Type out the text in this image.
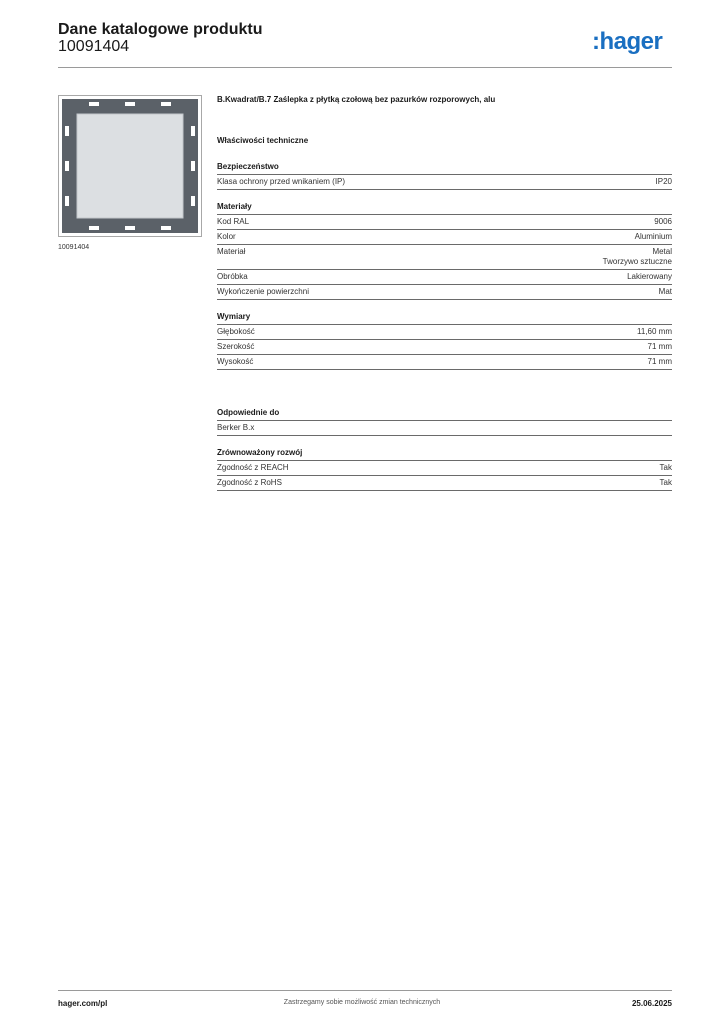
Dane katalogowe produktu
10091404	:hager
10091404
B.Kwadrat/B.7 Zaślepka z płytką czołową bez pazurków rozporowych, alu
Właściwości techniczne
Bezpieczeństwo
Klasa ochrony przed wnikaniem (IP)	IP20
Materiały
Kod RAL	9006
Kolor	Aluminium
Materiał	Metal
Tworzywo sztuczne
Obróbka	Lakierowany
Wykończenie powierzchni	Mat
Wymiary
Głębokość	11,60 mm
Szerokość	71 mm
Wysokość	71 mm
Odpowiednie do
Berker B.x
Zrównoważony rozwój
Zgodność z REACH	Tak
Zgodność z RoHS	Tak
hager.com/pl	Zastrzegamy sobie możliwość zmian technicznych	25.06.2025
